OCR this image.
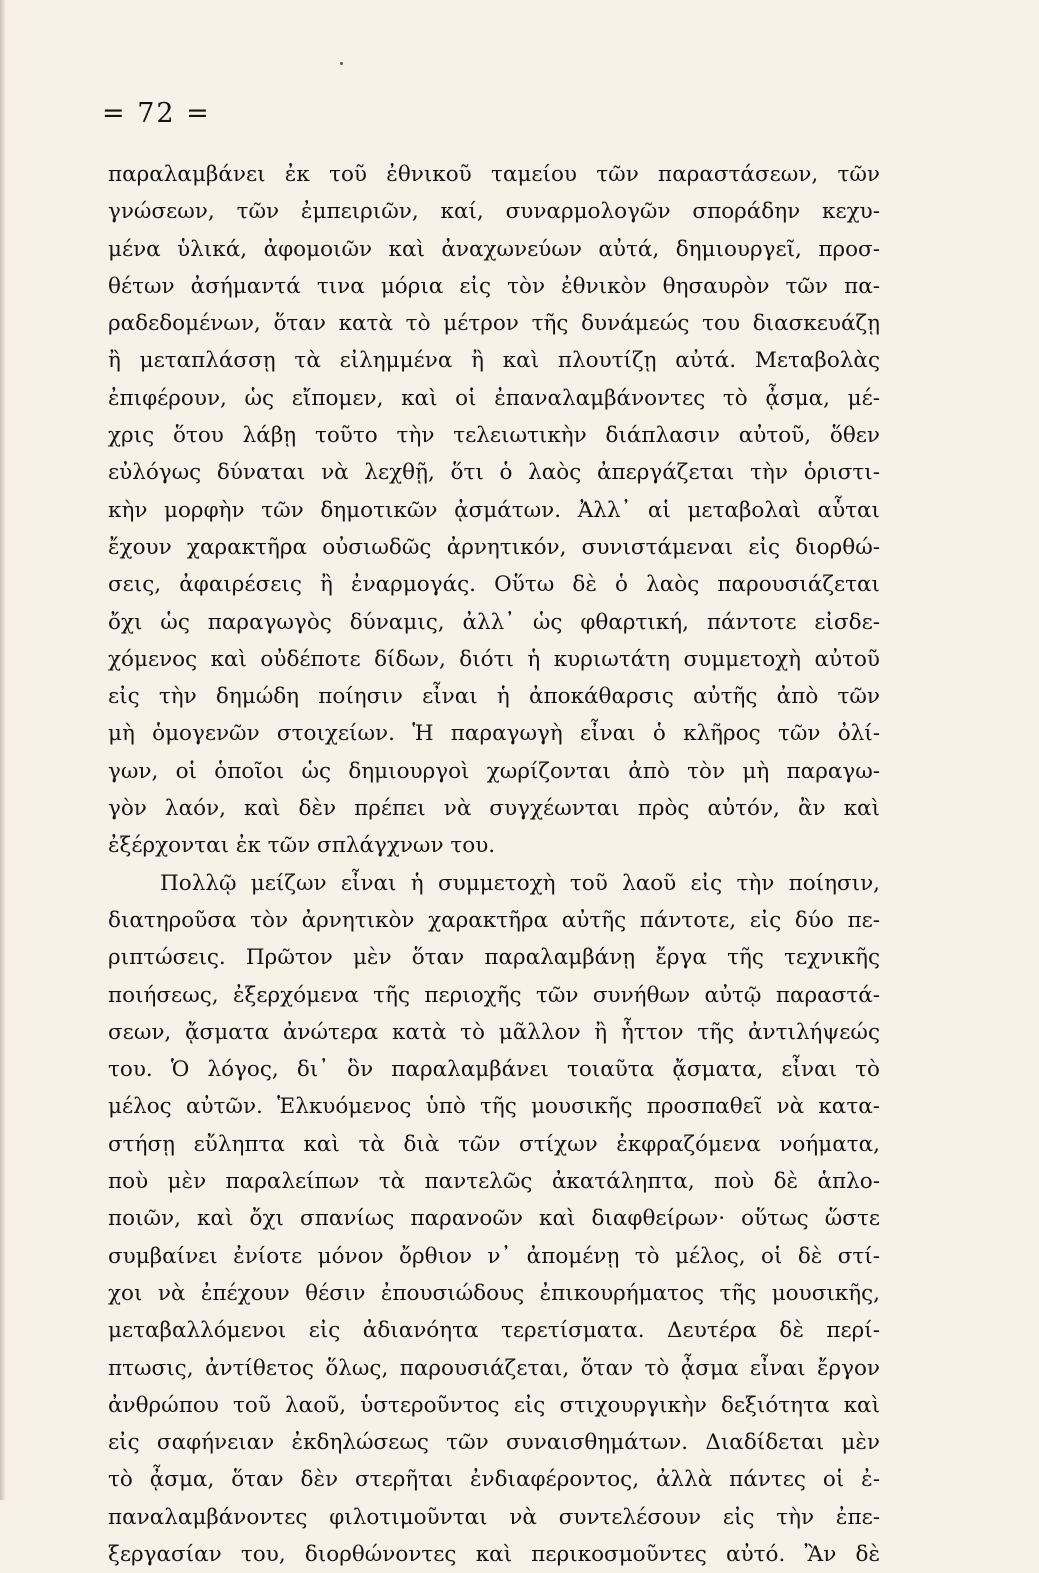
= 72 =
παραλαμβάνει ἐκ τοῦ ἐθνικοῦ ταμείου τῶν παραστάσεων, τῶν
γνώσεων, τῶν ἐμπειριῶν, καί, συναρμολογῶν σποράδην κεχυ-
μένα ὑλικά, ἀφομοιῶν καὶ ἀναχωνεύων αὐτά, δημιουργεῖ, προσ-
θέτων ἀσήμαντά τινα μόρια εἰς τὸν ἐθνικὸν θησαυρὸν τῶν πα-
ραδεδομένων, ὅταν κατὰ τὸ μέτρον τῆς δυνάμεώς του διασκευάζῃ
ἢ μεταπλάσσῃ τὰ εἰλημμένα ἢ καὶ πλουτίζῃ αὐτά. Μεταβολὰς
ἐπιφέρουν, ὡς εἴπομεν, καὶ οἱ ἐπαναλαμβάνοντες τὸ ᾆσμα, μέ-
χρις ὅτου λάβῃ τοῦτο τὴν τελειωτικὴν διάπλασιν αὐτοῦ, ὅθεν
εὐλόγως δύναται νὰ λεχθῇ, ὅτι ὁ λαὸς ἀπεργάζεται τὴν ὁριστι-
κὴν μορφὴν τῶν δημοτικῶν ᾀσμάτων. Ἀλλ᾿ αἱ μεταβολαὶ αὗται
ἔχουν χαρακτῆρα οὐσιωδῶς ἀρνητικόν, συνιστάμεναι εἰς διορθώ-
σεις, ἀφαιρέσεις ἢ ἐναρμογάς. Οὕτω δὲ ὁ λαὸς παρουσιάζεται
ὄχι ὡς παραγωγὸς δύναμις, ἀλλ᾿ ὡς φθαρτική, πάντοτε εἰσδε-
χόμενος καὶ οὐδέποτε δίδων, διότι ἡ κυριωτάτη συμμετοχὴ αὐτοῦ
εἰς τὴν δημώδη ποίησιν εἶναι ἡ ἀποκάθαρσις αὐτῆς ἀπὸ τῶν
μὴ ὁμογενῶν στοιχείων. Ἡ παραγωγὴ εἶναι ὁ κλῆρος τῶν ὀλί-
γων, οἱ ὁποῖοι ὡς δημιουργοὶ χωρίζονται ἀπὸ τὸν μὴ παραγω-
γὸν λαόν, καὶ δὲν πρέπει νὰ συγχέωνται πρὸς αὐτόν, ἂν καὶ
ἐξέρχονται ἐκ τῶν σπλάγχνων του.
Πολλῷ μείζων εἶναι ἡ συμμετοχὴ τοῦ λαοῦ εἰς τὴν ποίησιν,
διατηροῦσα τὸν ἀρνητικὸν χαρακτῆρα αὐτῆς πάντοτε, εἰς δύο πε-
ριπτώσεις. Πρῶτον μὲν ὅταν παραλαμβάνῃ ἔργα τῆς τεχνικῆς
ποιήσεως, ἐξερχόμενα τῆς περιοχῆς τῶν συνήθων αὐτῷ παραστά-
σεων, ᾄσματα ἀνώτερα κατὰ τὸ μᾶλλον ἢ ἧττον τῆς ἀντιλήψεώς
του. Ὁ λόγος, δι᾿ ὃν παραλαμβάνει τοιαῦτα ᾄσματα, εἶναι τὸ
μέλος αὐτῶν. Ἑλκυόμενος ὑπὸ τῆς μουσικῆς προσπαθεῖ νὰ κατα-
στήσῃ εὔληπτα καὶ τὰ διὰ τῶν στίχων ἐκφραζόμενα νοήματα,
ποὺ μὲν παραλείπων τὰ παντελῶς ἀκατάληπτα, ποὺ δὲ ἁπλο-
ποιῶν, καὶ ὄχι σπανίως παρανοῶν καὶ διαφθείρων· οὕτως ὥστε
συμβαίνει ἐνίοτε μόνον ὄρθιον ν᾿ ἀπομένῃ τὸ μέλος, οἱ δὲ στί-
χοι νὰ ἐπέχουν θέσιν ἐπουσιώδους ἐπικουρήματος τῆς μουσικῆς,
μεταβαλλόμενοι εἰς ἀδιανόητα τερετίσματα. Δευτέρα δὲ περί-
πτωσις, ἀντίθετος ὅλως, παρουσιάζεται, ὅταν τὸ ᾆσμα εἶναι ἔργον
ἀνθρώπου τοῦ λαοῦ, ὑστεροῦντος εἰς στιχουργικὴν δεξιότητα καὶ
εἰς σαφήνειαν ἐκδηλώσεως τῶν συναισθημάτων. Διαδίδεται μὲν
τὸ ᾆσμα, ὅταν δὲν στερῆται ἐνδιαφέροντος, ἀλλὰ πάντες οἱ ἐ-
παναλαμβάνοντες φιλοτιμοῦνται νὰ συντελέσουν εἰς τὴν ἐπε-
ξεργασίαν του, διορθώνοντες καὶ περικοσμοῦντες αὐτό. Ἂν δὲ
